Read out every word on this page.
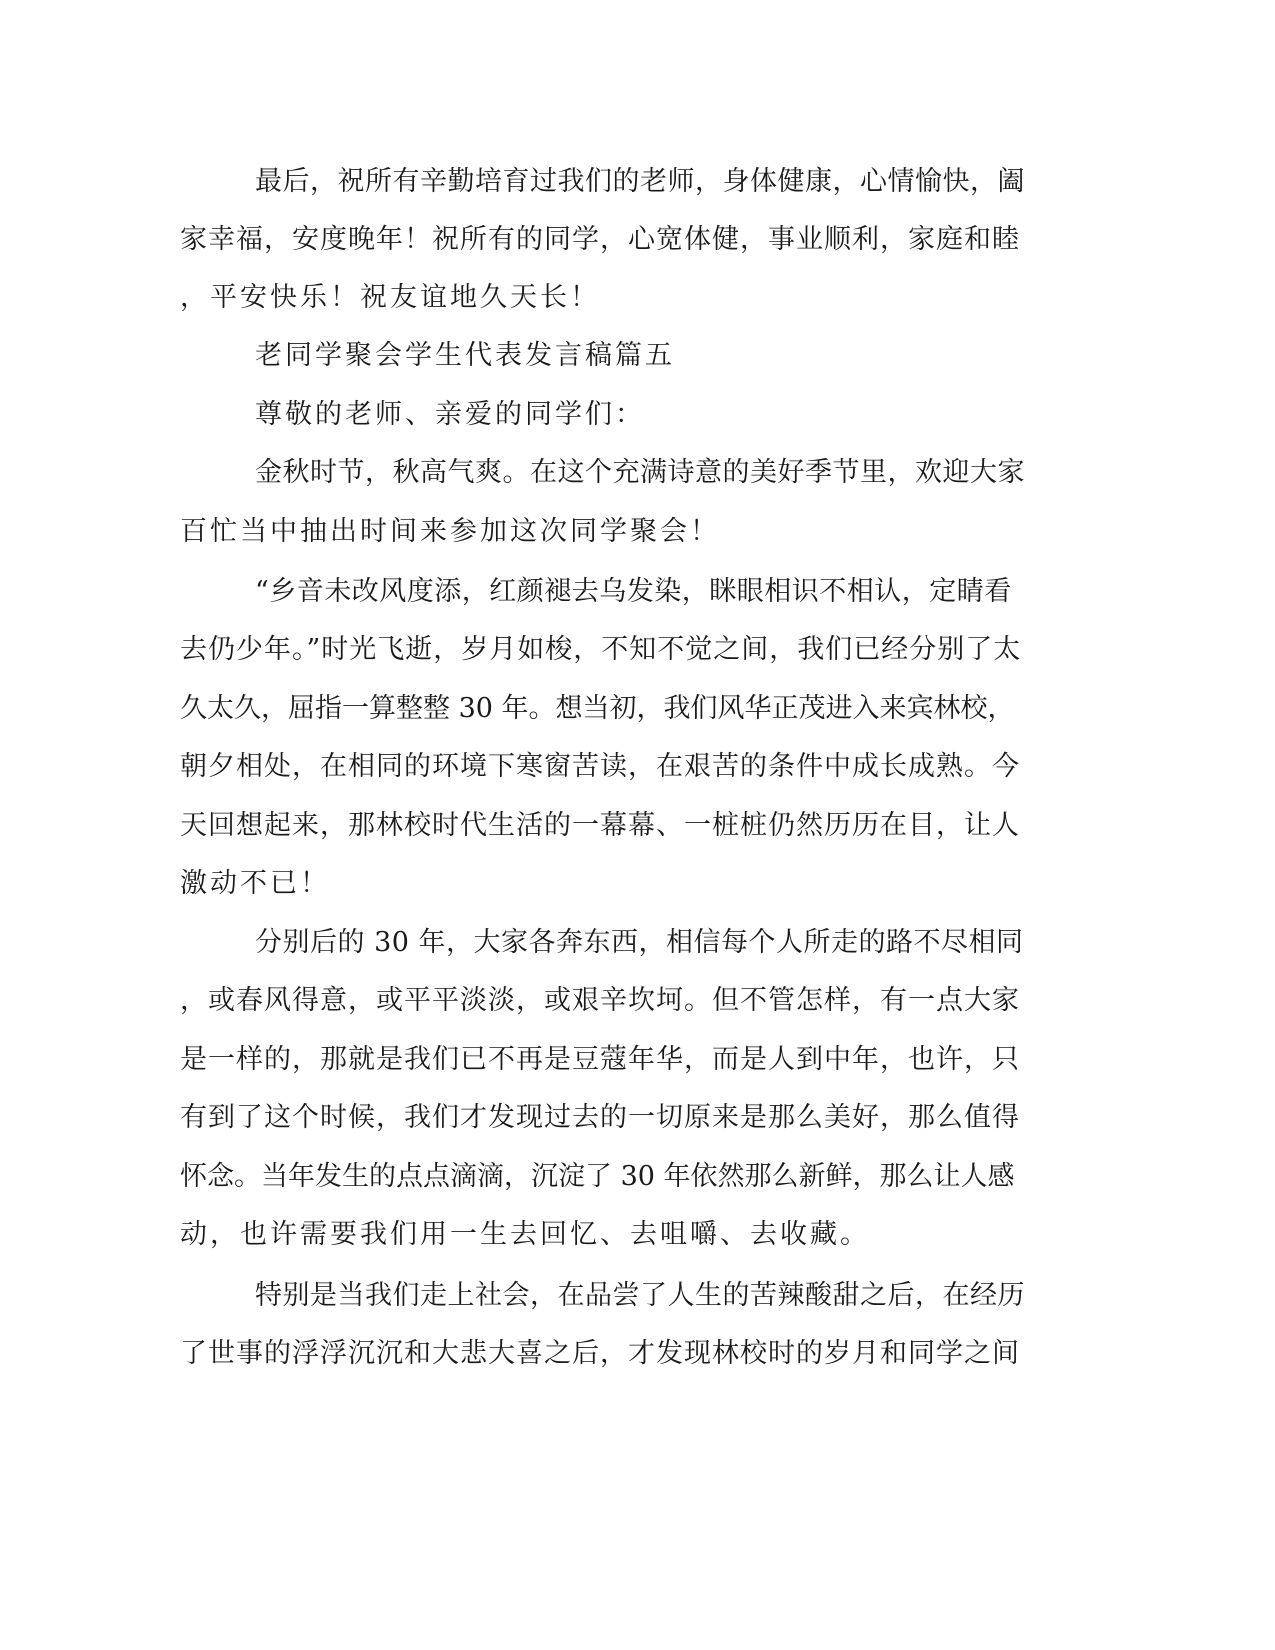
最后，祝所有辛勤培育过我们的老师，身体健康，心情愉快，阖
家幸福，安度晚年！祝所有的同学，心宽体健，事业顺利，家庭和睦
，平安快乐！祝友谊地久天长！
老同学聚会学生代表发言稿篇五
尊敬的老师、亲爱的同学们：
金秋时节，秋高气爽。在这个充满诗意的美好季节里，欢迎大家
百忙当中抽出时间来参加这次同学聚会！
“乡音未改风度添，红颜褪去乌发染，眯眼相识不相认，定睛看
去仍少年。”时光飞逝，岁月如梭，不知不觉之间，我们已经分别了太
久太久，屈指一算整整 30 年。想当初，我们风华正茂进入来宾林校，
朝夕相处，在相同的环境下寒窗苦读，在艰苦的条件中成长成熟。今
天回想起来，那林校时代生活的一幕幕、一桩桩仍然历历在目，让人
激动不已！
分别后的 30 年，大家各奔东西，相信每个人所走的路不尽相同
，或春风得意，或平平淡淡，或艰辛坎坷。但不管怎样，有一点大家
是一样的，那就是我们已不再是豆蔻年华，而是人到中年，也许，只
有到了这个时候，我们才发现过去的一切原来是那么美好，那么值得
怀念。当年发生的点点滴滴，沉淀了 30 年依然那么新鲜，那么让人感
动，也许需要我们用一生去回忆、去咀嚼、去收藏。
特别是当我们走上社会，在品尝了人生的苦辣酸甜之后，在经历
了世事的浮浮沉沉和大悲大喜之后，才发现林校时的岁月和同学之间
